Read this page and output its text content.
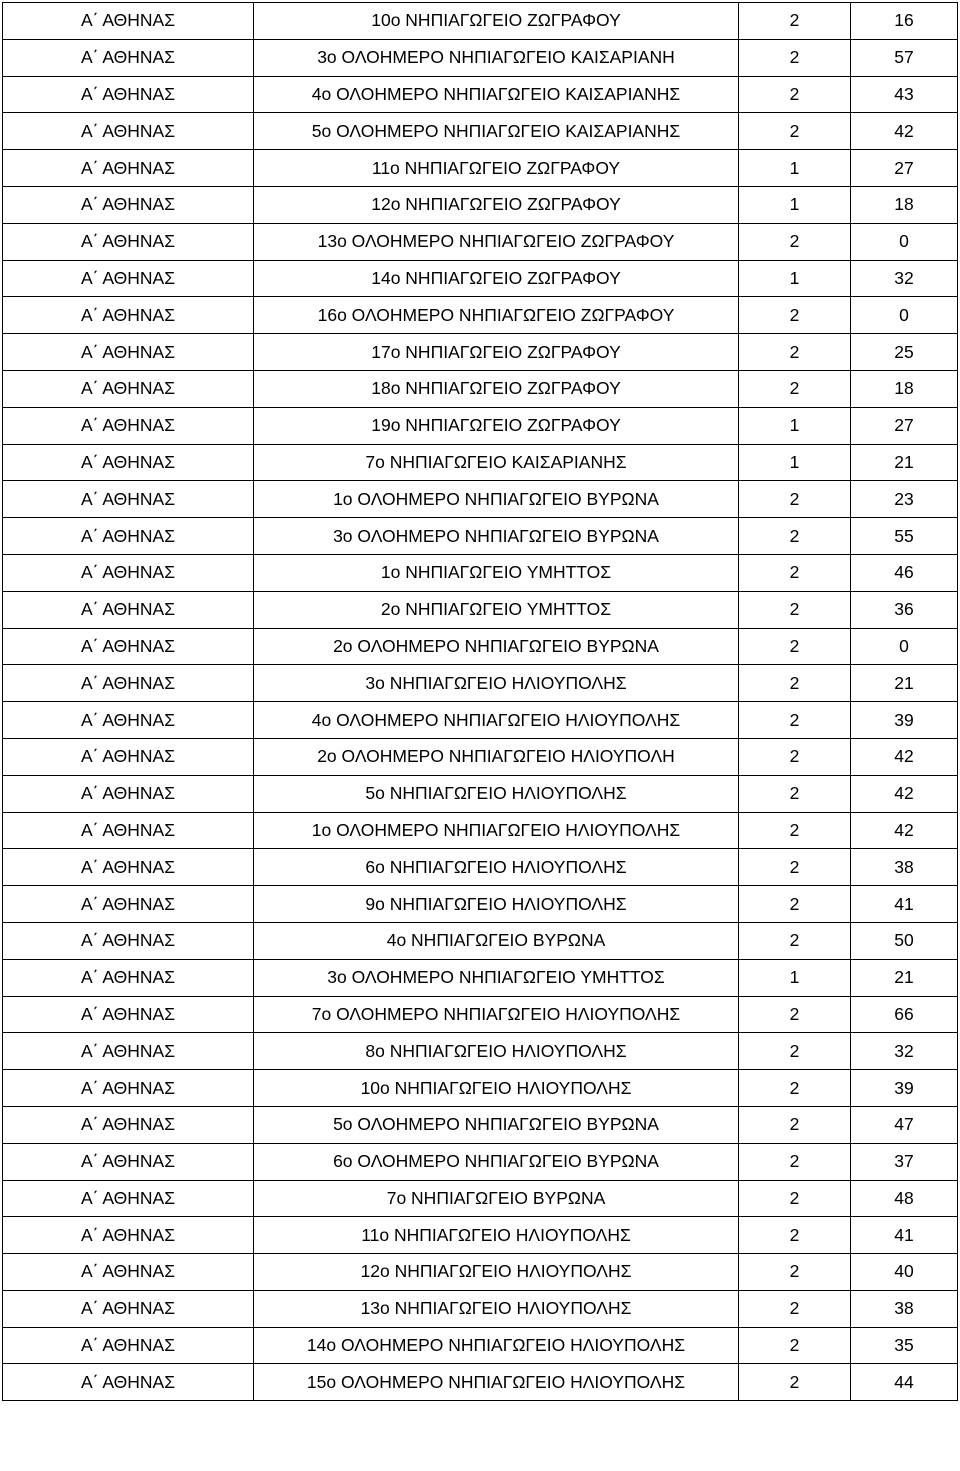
Α΄ ΑΘΗΝΑΣ	10ο ΝΗΠΙΑΓΩΓΕΙΟ ΖΩΓΡΑΦΟΥ	2	16
Α΄ ΑΘΗΝΑΣ	3ο ΟΛΟΗΜΕΡΟ ΝΗΠΙΑΓΩΓΕΙΟ ΚΑΙΣΑΡΙΑΝΗ	2	57
Α΄ ΑΘΗΝΑΣ	4ο ΟΛΟΗΜΕΡΟ ΝΗΠΙΑΓΩΓΕΙΟ ΚΑΙΣΑΡΙΑΝΗΣ	2	43
Α΄ ΑΘΗΝΑΣ	5ο ΟΛΟΗΜΕΡΟ ΝΗΠΙΑΓΩΓΕΙΟ ΚΑΙΣΑΡΙΑΝΗΣ	2	42
Α΄ ΑΘΗΝΑΣ	11ο ΝΗΠΙΑΓΩΓΕΙΟ ΖΩΓΡΑΦΟΥ	1	27
Α΄ ΑΘΗΝΑΣ	12ο ΝΗΠΙΑΓΩΓΕΙΟ ΖΩΓΡΑΦΟΥ	1	18
Α΄ ΑΘΗΝΑΣ	13ο ΟΛΟΗΜΕΡΟ ΝΗΠΙΑΓΩΓΕΙΟ ΖΩΓΡΑΦΟΥ	2	0
Α΄ ΑΘΗΝΑΣ	14ο ΝΗΠΙΑΓΩΓΕΙΟ ΖΩΓΡΑΦΟΥ	1	32
Α΄ ΑΘΗΝΑΣ	16ο ΟΛΟΗΜΕΡΟ ΝΗΠΙΑΓΩΓΕΙΟ ΖΩΓΡΑΦΟΥ	2	0
Α΄ ΑΘΗΝΑΣ	17ο ΝΗΠΙΑΓΩΓΕΙΟ ΖΩΓΡΑΦΟΥ	2	25
Α΄ ΑΘΗΝΑΣ	18ο ΝΗΠΙΑΓΩΓΕΙΟ ΖΩΓΡΑΦΟΥ	2	18
Α΄ ΑΘΗΝΑΣ	19ο ΝΗΠΙΑΓΩΓΕΙΟ ΖΩΓΡΑΦΟΥ	1	27
Α΄ ΑΘΗΝΑΣ	7ο ΝΗΠΙΑΓΩΓΕΙΟ ΚΑΙΣΑΡΙΑΝΗΣ	1	21
Α΄ ΑΘΗΝΑΣ	1ο ΟΛΟΗΜΕΡΟ ΝΗΠΙΑΓΩΓΕΙΟ ΒΥΡΩΝΑ	2	23
Α΄ ΑΘΗΝΑΣ	3ο ΟΛΟΗΜΕΡΟ ΝΗΠΙΑΓΩΓΕΙΟ ΒΥΡΩΝΑ	2	55
Α΄ ΑΘΗΝΑΣ	1ο ΝΗΠΙΑΓΩΓΕΙΟ ΥΜΗΤΤΟΣ	2	46
Α΄ ΑΘΗΝΑΣ	2ο ΝΗΠΙΑΓΩΓΕΙΟ ΥΜΗΤΤΟΣ	2	36
Α΄ ΑΘΗΝΑΣ	2ο ΟΛΟΗΜΕΡΟ ΝΗΠΙΑΓΩΓΕΙΟ ΒΥΡΩΝΑ	2	0
Α΄ ΑΘΗΝΑΣ	3ο ΝΗΠΙΑΓΩΓΕΙΟ ΗΛΙΟΥΠΟΛΗΣ	2	21
Α΄ ΑΘΗΝΑΣ	4ο ΟΛΟΗΜΕΡΟ ΝΗΠΙΑΓΩΓΕΙΟ ΗΛΙΟΥΠΟΛΗΣ	2	39
Α΄ ΑΘΗΝΑΣ	2ο ΟΛΟΗΜΕΡΟ ΝΗΠΙΑΓΩΓΕΙΟ ΗΛΙΟΥΠΟΛΗ	2	42
Α΄ ΑΘΗΝΑΣ	5ο ΝΗΠΙΑΓΩΓΕΙΟ ΗΛΙΟΥΠΟΛΗΣ	2	42
Α΄ ΑΘΗΝΑΣ	1ο ΟΛΟΗΜΕΡΟ ΝΗΠΙΑΓΩΓΕΙΟ ΗΛΙΟΥΠΟΛΗΣ	2	42
Α΄ ΑΘΗΝΑΣ	6ο ΝΗΠΙΑΓΩΓΕΙΟ ΗΛΙΟΥΠΟΛΗΣ	2	38
Α΄ ΑΘΗΝΑΣ	9ο ΝΗΠΙΑΓΩΓΕΙΟ ΗΛΙΟΥΠΟΛΗΣ	2	41
Α΄ ΑΘΗΝΑΣ	4ο ΝΗΠΙΑΓΩΓΕΙΟ ΒΥΡΩΝΑ	2	50
Α΄ ΑΘΗΝΑΣ	3ο ΟΛΟΗΜΕΡΟ ΝΗΠΙΑΓΩΓΕΙΟ ΥΜΗΤΤΟΣ	1	21
Α΄ ΑΘΗΝΑΣ	7ο ΟΛΟΗΜΕΡΟ ΝΗΠΙΑΓΩΓΕΙΟ ΗΛΙΟΥΠΟΛΗΣ	2	66
Α΄ ΑΘΗΝΑΣ	8ο ΝΗΠΙΑΓΩΓΕΙΟ ΗΛΙΟΥΠΟΛΗΣ	2	32
Α΄ ΑΘΗΝΑΣ	10ο ΝΗΠΙΑΓΩΓΕΙΟ ΗΛΙΟΥΠΟΛΗΣ	2	39
Α΄ ΑΘΗΝΑΣ	5ο ΟΛΟΗΜΕΡΟ ΝΗΠΙΑΓΩΓΕΙΟ ΒΥΡΩΝΑ	2	47
Α΄ ΑΘΗΝΑΣ	6ο ΟΛΟΗΜΕΡΟ ΝΗΠΙΑΓΩΓΕΙΟ ΒΥΡΩΝΑ	2	37
Α΄ ΑΘΗΝΑΣ	7ο ΝΗΠΙΑΓΩΓΕΙΟ ΒΥΡΩΝΑ	2	48
Α΄ ΑΘΗΝΑΣ	11ο ΝΗΠΙΑΓΩΓΕΙΟ ΗΛΙΟΥΠΟΛΗΣ	2	41
Α΄ ΑΘΗΝΑΣ	12ο ΝΗΠΙΑΓΩΓΕΙΟ ΗΛΙΟΥΠΟΛΗΣ	2	40
Α΄ ΑΘΗΝΑΣ	13ο ΝΗΠΙΑΓΩΓΕΙΟ ΗΛΙΟΥΠΟΛΗΣ	2	38
Α΄ ΑΘΗΝΑΣ	14ο ΟΛΟΗΜΕΡΟ ΝΗΠΙΑΓΩΓΕΙΟ ΗΛΙΟΥΠΟΛΗΣ	2	35
Α΄ ΑΘΗΝΑΣ	15ο ΟΛΟΗΜΕΡΟ ΝΗΠΙΑΓΩΓΕΙΟ ΗΛΙΟΥΠΟΛΗΣ	2	44
